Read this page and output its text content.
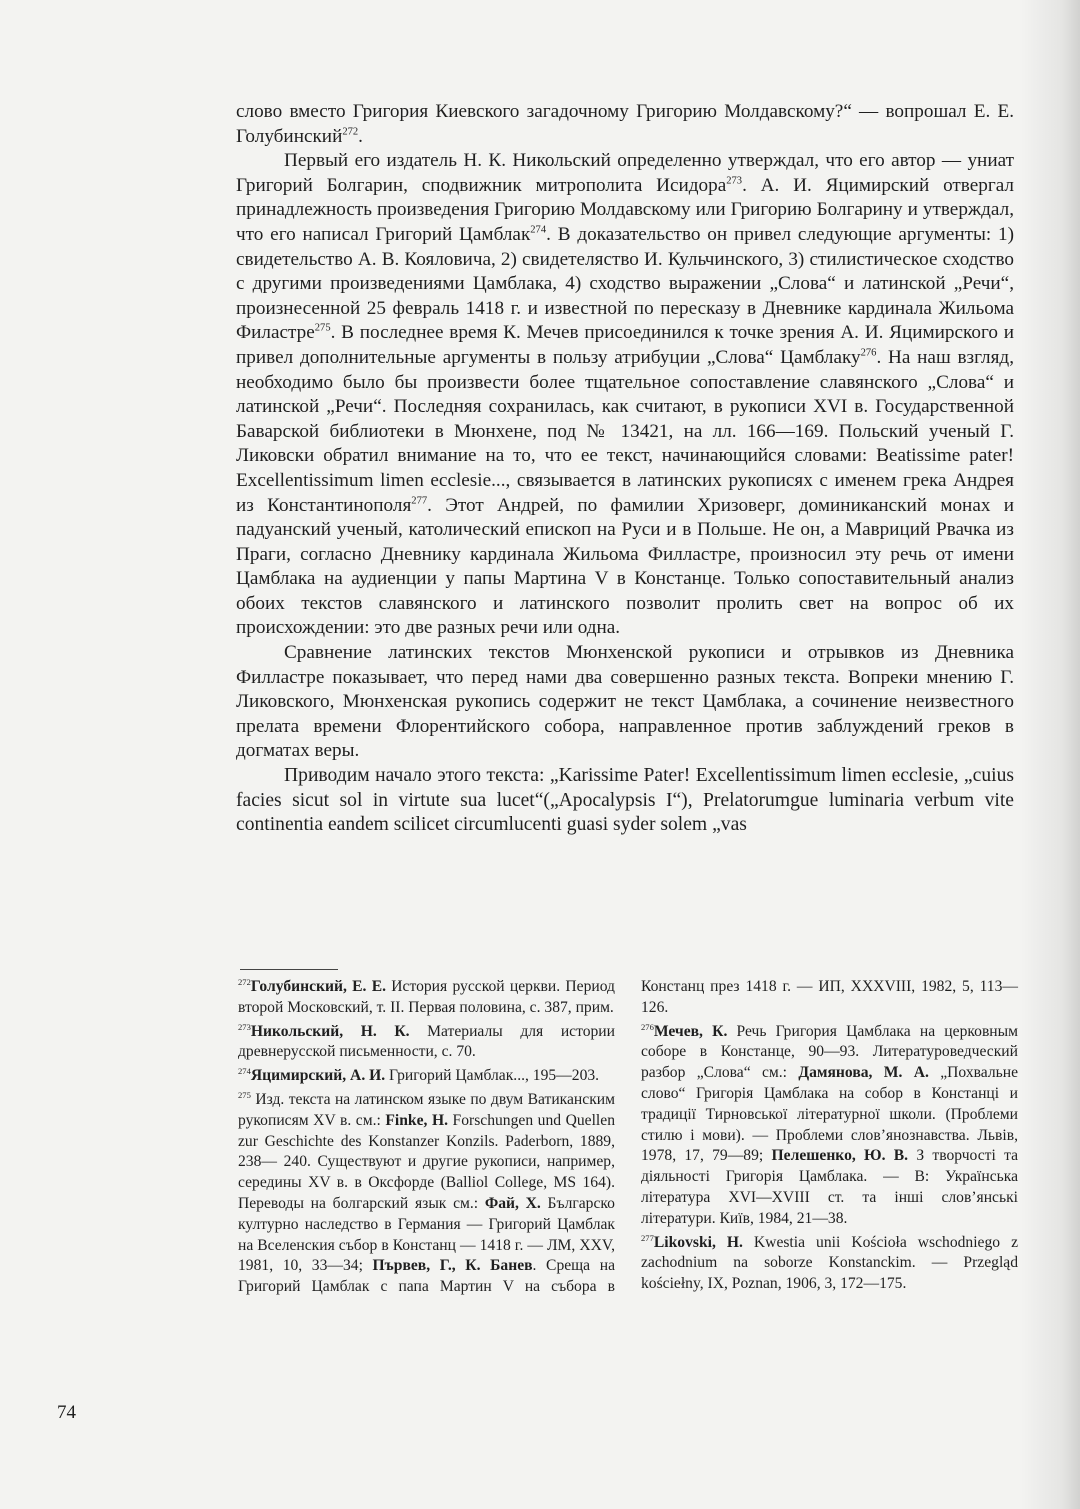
слово вместо Григория Киевского загадочному Григорию Молдавскому?“ — вопрошал Е. Е. Голубинский$^{272}$.

Первый его издатель Н. К. Никольский определенно утверждал, что его автор — униат Григорий Болгарин, сподвижник митрополита Исидора$^{273}$. А. И. Яцимирский отвергал принадлежность произведения Григорию Молдавскому или Григорию Болгарину и утверждал, что его написал Григорий Цамблак$^{274}$. В доказательство он привел следующие аргументы: 1) свидетельство А. В. Кояловича, 2) свидетеляство И. Кульчинского, 3) стилистическое сходство с другими произведениями Цамблака, 4) сходство выражении „Слова“ и латинской „Речи“, произнесенной 25 февраль 1418 г. и известной по пересказу в Дневнике кардинала Жильома Филастре$^{275}$. В последнее время К. Мечев присоединился к точке зрения А. И. Яцимирского и привел дополнительные аргументы в пользу атрибуции „Слова“ Цамблаку$^{276}$. На наш взгляд, необходимо было бы произвести более тщательное сопоставление славянского „Слова“ и латинской „Речи“. Последняя сохранилась, как считают, в рукописи XVI в. Государственной Баварской библиотеки в Мюнхене, под № 13421, на лл. 166—169. Польский ученый Г. Ликовски обратил внимание на то, что ее текст, начинающийся словами: Beatissime pater! Excellentissimum limen ecclesie..., связывается в латинских рукописях с именем грека Андрея из Константинополя$^{277}$. Этот Андрей, по фамилии Хризоверг, доминиканский монах и падуанский ученый, католический епископ на Руси и в Польше. Не он, а Мавриций Рвачка из Праги, согласно Дневнику кардинала Жильома Филластре, произносил эту речь от имени Цамблака на аудиенции у папы Мартина V в Констанце. Только сопоставительный анализ обоих текстов славянского и латинского позволит пролить свет на вопрос об их происхождении: это две разных речи или одна.

Сравнение латинских текстов Мюнхенской рукописи и отрывков из Дневника Филластре показывает, что перед нами два совершенно разных текста. Вопреки мнению Г. Ликовского, Мюнхенская рукопись содержит не текст Цамблака, а сочинение неизвестного прелата времени Флорентийского собора, направленное против заблуждений греков в догматах веры.

Приводим начало этого текста: „Karissime Pater! Excellentissimum limen ecclesie, „cuius facies sicut sol in virtute sua lucet“(„Apocalypsis I“), Prelatorumgue luminaria verbum vite continentia eandem scilicet circumlucenti guasi syder solem „vas

$^{272}$Голубинский, Е. Е. История русской церкви. Период второй Московский, т. II. Первая половина, с. 387, прим.

$^{273}$Никольский, Н. К. Материалы для истории древнерусской письменности, с. 70.

$^{274}$Яцимирский, А. И. Григорий Цамблак..., 195—203.

$^{275}$ Изд. текста на латинском языке по двум Ватиканским рукописям XV в. см.: Finke, H. Forschungen und Quellen zur Geschichte des Konstanzer Konzils. Paderborn, 1889, 238— 240. Существуют и другие рукописи, например, середины XV в. в Оксфорде (Balliol College, MS 164). Переводы на болгарский язык см.: Фай, Х. Българско културно наследство в Германия — Григорий Цамблак на Вселенския събор в Констанц — 1418 г. — ЛМ, XXV, 1981, 10, 33—34; Първев, Г., К. Банев. Среща на Григорий Цамблак с папа Мартин V на събора в Констанц през 1418 г. — ИП, XXXVIII, 1982, 5, 113—126.

$^{276}$Мечев, К. Речь Григория Цамблака на церковным соборе в Констанце, 90—93. Литературоведческий разбор „Слова“ см.: Дамянова, М. А. „Похвальне слово“ Григорія Цамблака на собор в Констанці и традиції Тирновської літературної школи. (Проблеми стилю і мови). — Проблеми слов’янознавства. Львів, 1978, 17, 79—89; Пелешенко, Ю. В. З творчості та діяльності Григорія Цамблака. — В: Українська література XVI—XVIII ст. та інші слов’янські літератури. Київ, 1984, 21—38.

$^{277}$Likovski, H. Kwestia unii Kościoła wschodniego z zachodnium na soborze Konstanckim. — Przegląd kościełny, IX, Poznan, 1906, 3, 172—175.

74
